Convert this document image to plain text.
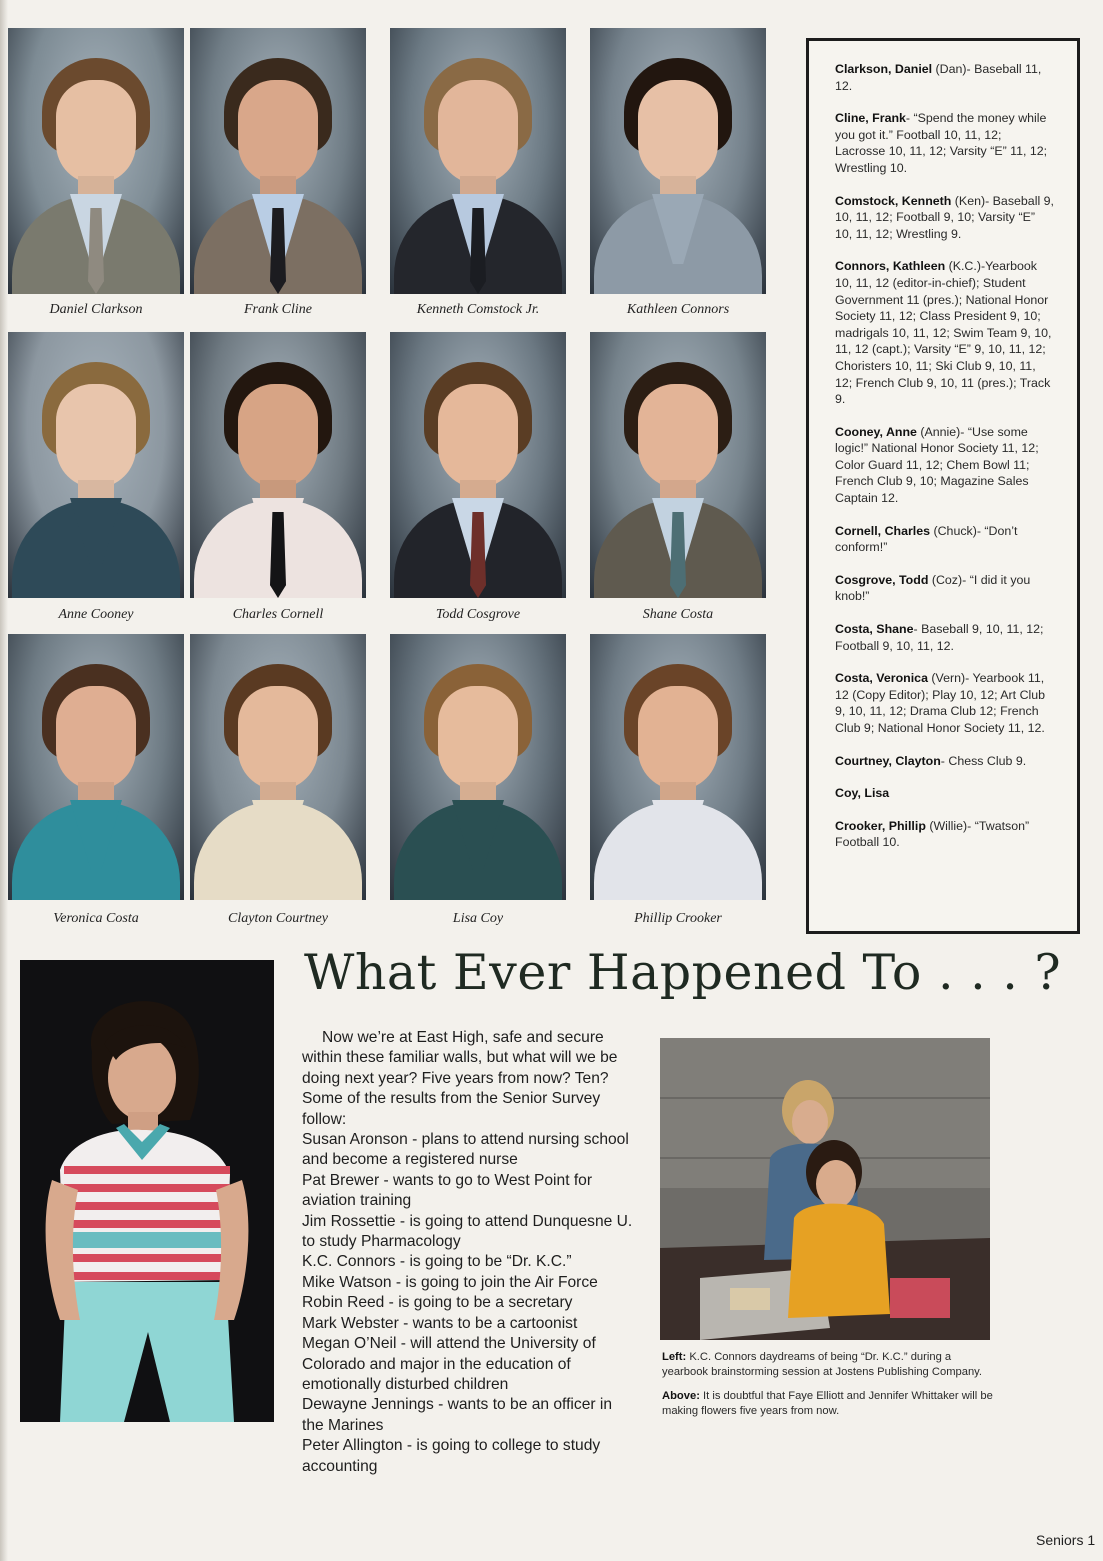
Daniel Clarkson	Frank Cline	Kenneth Comstock Jr.	Kathleen Connors
Anne Cooney	Charles Cornell	Todd Cosgrove	Shane Costa
Veronica Costa	Clayton Courtney	Lisa Coy	Phillip Crooker

Clarkson, Daniel (Dan)- Baseball 11, 12.

Cline, Frank- “Spend the money while you got it.” Football 10, 11, 12; Lacrosse 10, 11, 12; Varsity “E” 11, 12; Wrestling 10.

Comstock, Kenneth (Ken)- Baseball 9, 10, 11, 12; Football 9, 10; Varsity “E” 10, 11, 12; Wrestling 9.

Connors, Kathleen (K.C.)-Yearbook 10, 11, 12 (editor-in-chief); Student Government 11 (pres.); National Honor Society 11, 12; Class President 9, 10; madrigals 10, 11, 12; Swim Team 9, 10, 11, 12 (capt.); Varsity “E” 9, 10, 11, 12; Choristers 10, 11; Ski Club 9, 10, 11, 12; French Club 9, 10, 11 (pres.); Track 9.

Cooney, Anne (Annie)- “Use some logic!” National Honor Society 11, 12; Color Guard 11, 12; Chem Bowl 11; French Club 9, 10; Magazine Sales Captain 12.

Cornell, Charles (Chuck)- “Don’t conform!”

Cosgrove, Todd (Coz)- “I did it you knob!”

Costa, Shane- Baseball 9, 10, 11, 12; Football 9, 10, 11, 12.

Costa, Veronica (Vern)- Yearbook 11, 12 (Copy Editor); Play 10, 12; Art Club 9, 10, 11, 12; Drama Club 12; French Club 9; National Honor Society 11, 12.

Courtney, Clayton- Chess Club 9.

Coy, Lisa

Crooker, Phillip (Willie)- “Twatson” Football 10.

What Ever Happened To . . . ?

Now we’re at East High, safe and secure within these familiar walls, but what will we be doing next year? Five years from now? Ten? Some of the results from the Senior Survey follow:

Susan Aronson - plans to attend nursing school and become a registered nurse

Pat Brewer - wants to go to West Point for aviation training

Jim Rossettie - is going to attend Dunquesne U. to study Pharmacology

K.C. Connors - is going to be “Dr. K.C.”

Mike Watson - is going to join the Air Force

Robin Reed - is going to be a secretary

Mark Webster - wants to be a cartoonist

Megan O’Neil - will attend the University of Colorado and major in the education of emotionally disturbed children

Dewayne Jennings - wants to be an officer in the Marines

Peter Allington - is going to college to study accounting

Left: K.C. Connors daydreams of being “Dr. K.C.” during a yearbook brainstorming session at Jostens Publishing Company.

Above: It is doubtful that Faye Elliott and Jennifer Whittaker will be making flowers five years from now.

Seniors 1
